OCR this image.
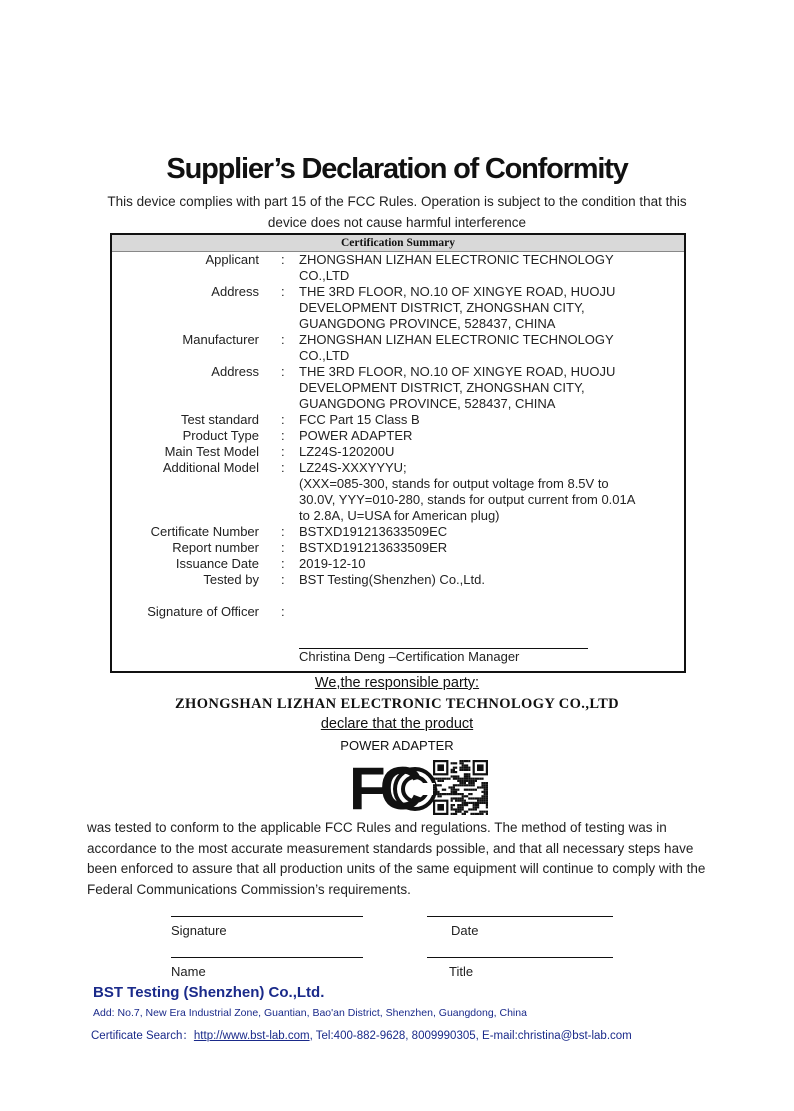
Supplier’s Declaration of Conformity
This device complies with part 15 of the FCC Rules. Operation is subject to the condition that this
device does not cause harmful interference
Certification Summary
Applicant : ZHONGSHAN LIZHAN ELECTRONIC TECHNOLOGY
CO.,LTD
Address : THE 3RD FLOOR, NO.10 OF XINGYE ROAD, HUOJU
DEVELOPMENT DISTRICT, ZHONGSHAN CITY,
GUANGDONG PROVINCE, 528437, CHINA
Manufacturer : ZHONGSHAN LIZHAN ELECTRONIC TECHNOLOGY
CO.,LTD
Address : THE 3RD FLOOR, NO.10 OF XINGYE ROAD, HUOJU
DEVELOPMENT DISTRICT, ZHONGSHAN CITY,
GUANGDONG PROVINCE, 528437, CHINA
Test standard : FCC Part 15 Class B
Product Type : POWER ADAPTER
Main Test Model : LZ24S-120200U
Additional Model : LZ24S-XXXYYYU;
(XXX=085-300, stands for output voltage from 8.5V to
30.0V, YYY=010-280, stands for output current from 0.01A
to 2.8A, U=USA for American plug)
Certificate Number : BSTXD191213633509EC
Report number : BSTXD191213633509ER
Issuance Date : 2019-12-10
Tested by : BST Testing(Shenzhen) Co.,Ltd.
Signature of Officer :
Christina Deng –Certification Manager
We,the responsible party:
ZHONGSHAN LIZHAN ELECTRONIC TECHNOLOGY CO.,LTD
declare that the product
POWER ADAPTER
FC
was tested to conform to the applicable FCC Rules and regulations. The method of testing was in accordance to the most accurate measurement standards possible, and that all necessary steps have been enforced to assure that all production units of the same equipment will continue to comply with the Federal Communications Commission’s requirements.
Signature	Date
Name	Title
BST Testing (Shenzhen) Co.,Ltd.
Add: No.7, New Era Industrial Zone, Guantian, Bao'an District, Shenzhen, Guangdong, China
Certificate Search：http://www.bst-lab.com, Tel:400-882-9628, 8009990305, E-mail:christina@bst-lab.com
